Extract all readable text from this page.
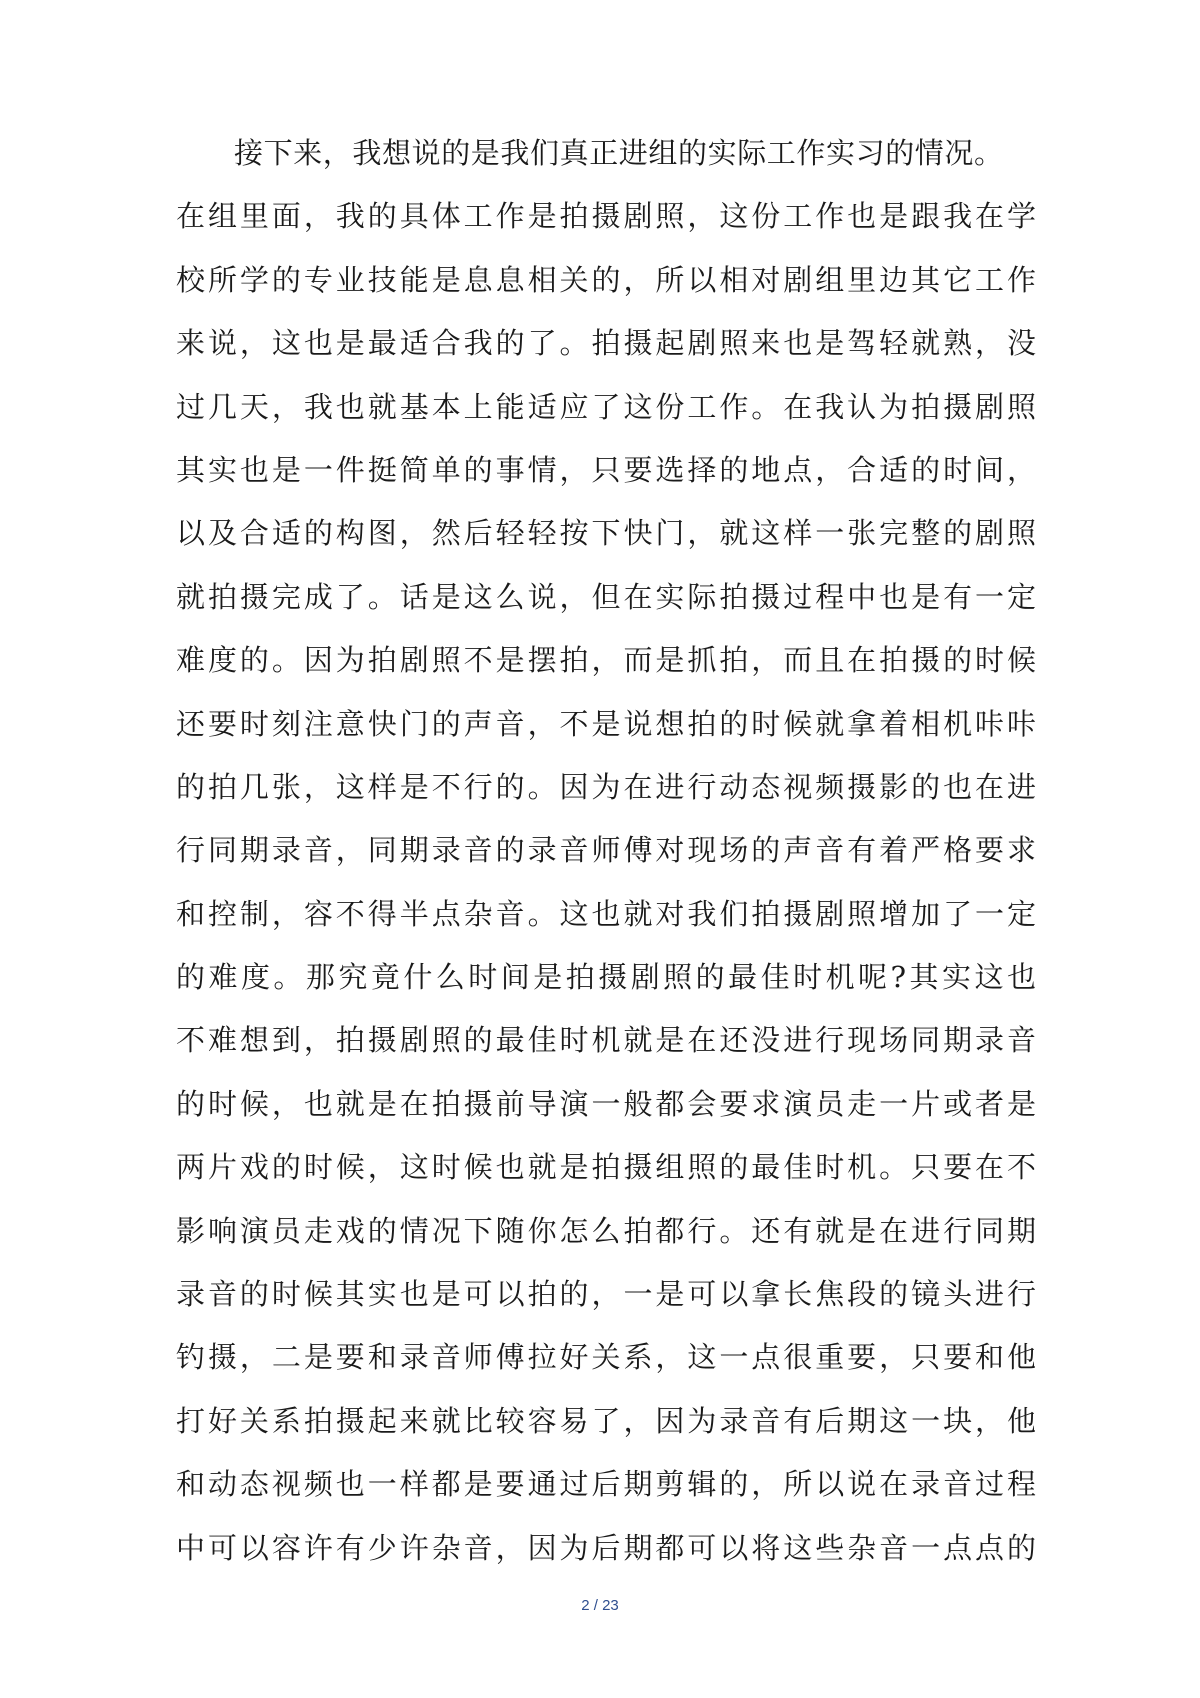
接下来，我想说的是我们真正进组的实际工作实习的情况。
在组里面，我的具体工作是拍摄剧照，这份工作也是跟我在学
校所学的专业技能是息息相关的，所以相对剧组里边其它工作
来说，这也是最适合我的了。拍摄起剧照来也是驾轻就熟，没
过几天，我也就基本上能适应了这份工作。在我认为拍摄剧照
其实也是一件挺简单的事情，只要选择的地点，合适的时间，
以及合适的构图，然后轻轻按下快门，就这样一张完整的剧照
就拍摄完成了。话是这么说，但在实际拍摄过程中也是有一定
难度的。因为拍剧照不是摆拍，而是抓拍，而且在拍摄的时候
还要时刻注意快门的声音，不是说想拍的时候就拿着相机咔咔
的拍几张，这样是不行的。因为在进行动态视频摄影的也在进
行同期录音，同期录音的录音师傅对现场的声音有着严格要求
和控制，容不得半点杂音。这也就对我们拍摄剧照增加了一定
的难度。那究竟什么时间是拍摄剧照的最佳时机呢?其实这也
不难想到，拍摄剧照的最佳时机就是在还没进行现场同期录音
的时候，也就是在拍摄前导演一般都会要求演员走一片或者是
两片戏的时候，这时候也就是拍摄组照的最佳时机。只要在不
影响演员走戏的情况下随你怎么拍都行。还有就是在进行同期
录音的时候其实也是可以拍的，一是可以拿长焦段的镜头进行
钓摄，二是要和录音师傅拉好关系，这一点很重要，只要和他
打好关系拍摄起来就比较容易了，因为录音有后期这一块，他
和动态视频也一样都是要通过后期剪辑的，所以说在录音过程
中可以容许有少许杂音，因为后期都可以将这些杂音一点点的
2 / 23
